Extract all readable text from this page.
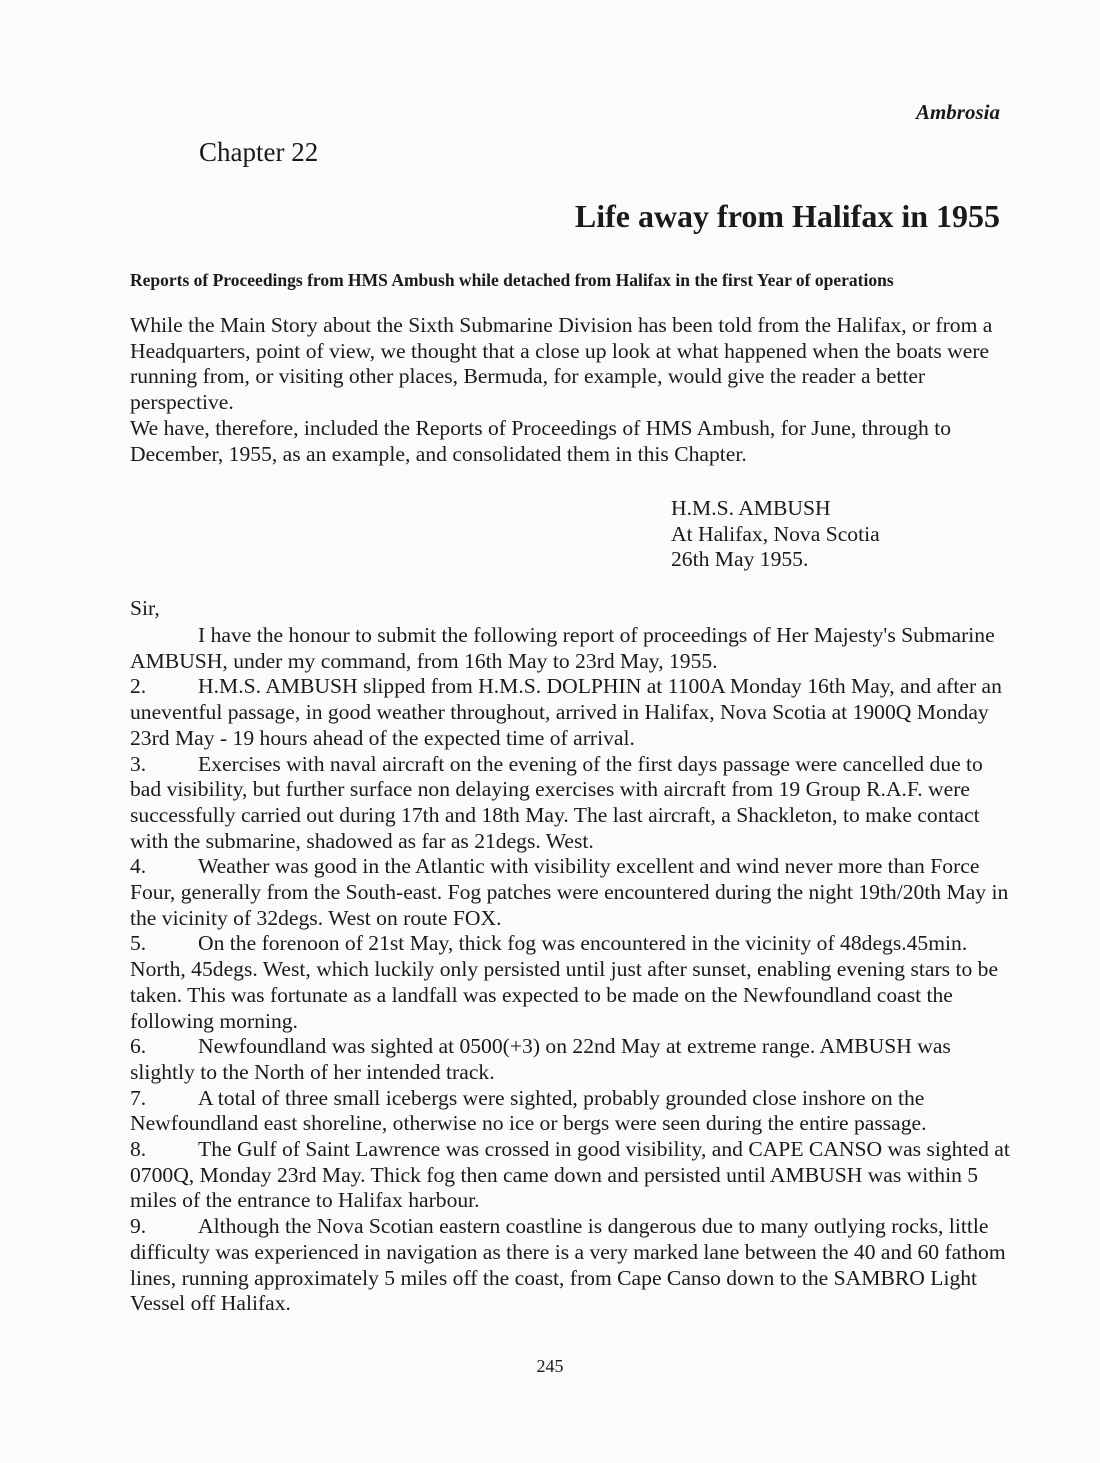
Ambrosia
Chapter 22
Life away from Halifax in 1955
Reports of Proceedings from HMS Ambush while detached from Halifax in the first Year of operations

While the Main Story about the Sixth Submarine Division has been told from the Halifax, or from a Headquarters, point of view, we thought that a close up look at what happened when the boats were running from, or visiting other places, Bermuda, for example, would give the reader a better perspective.

We have, therefore, included the Reports of Proceedings of HMS Ambush, for June, through to December, 1955, as an example, and consolidated them in this Chapter.

H.M.S. AMBUSH
At Halifax, Nova Scotia
26th May 1955.
Sir,

I have the honour to submit the following report of proceedings of Her Majesty's Submarine AMBUSH, under my command, from 16th May to 23rd May, 1955.

2. H.M.S. AMBUSH slipped from H.M.S. DOLPHIN at 1100A Monday 16th May, and after an uneventful passage, in good weather throughout, arrived in Halifax, Nova Scotia at 1900Q Monday 23rd May - 19 hours ahead of the expected time of arrival.

3. Exercises with naval aircraft on the evening of the first days passage were cancelled due to bad visibility, but further surface non delaying exercises with aircraft from 19 Group R.A.F. were successfully carried out during 17th and 18th May. The last aircraft, a Shackleton, to make contact with the submarine, shadowed as far as 21degs. West.

4. Weather was good in the Atlantic with visibility excellent and wind never more than Force Four, generally from the South-east. Fog patches were encountered during the night 19th/20th May in the vicinity of 32degs. West on route FOX.

5. On the forenoon of 21st May, thick fog was encountered in the vicinity of 48degs.45min. North, 45degs. West, which luckily only persisted until just after sunset, enabling evening stars to be taken. This was fortunate as a landfall was expected to be made on the Newfoundland coast the following morning.

6. Newfoundland was sighted at 0500(+3) on 22nd May at extreme range. AMBUSH was slightly to the North of her intended track.

7. A total of three small icebergs were sighted, probably grounded close inshore on the Newfoundland east shoreline, otherwise no ice or bergs were seen during the entire passage.

8. The Gulf of Saint Lawrence was crossed in good visibility, and CAPE CANSO was sighted at 0700Q, Monday 23rd May. Thick fog then came down and persisted until AMBUSH was within 5 miles of the entrance to Halifax harbour.

9. Although the Nova Scotian eastern coastline is dangerous due to many outlying rocks, little difficulty was experienced in navigation as there is a very marked lane between the 40 and 60 fathom lines, running approximately 5 miles off the coast, from Cape Canso down to the SAMBRO Light Vessel off Halifax.

245
